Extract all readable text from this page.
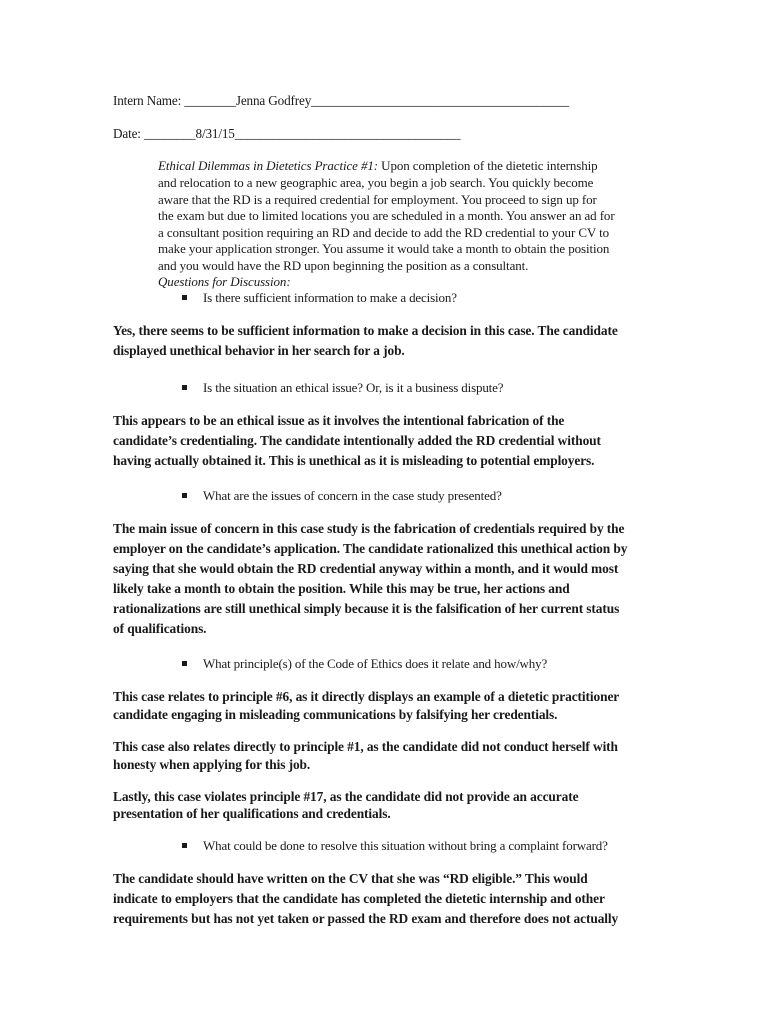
Intern Name: ________Jenna Godfrey________________________________________
Date: ________8/31/15___________________________________
Ethical Dilemmas in Dietetics Practice #1: Upon completion of the dietetic internship
and relocation to a new geographic area, you begin a job search. You quickly become
aware that the RD is a required credential for employment. You proceed to sign up for
the exam but due to limited locations you are scheduled in a month. You answer an ad for
a consultant position requiring an RD and decide to add the RD credential to your CV to
make your application stronger. You assume it would take a month to obtain the position
and you would have the RD upon beginning the position as a consultant.
Questions for Discussion:
Is there sufficient information to make a decision?
Yes, there seems to be sufficient information to make a decision in this case. The candidate
displayed unethical behavior in her search for a job.
Is the situation an ethical issue? Or, is it a business dispute?
This appears to be an ethical issue as it involves the intentional fabrication of the
candidate’s credentialing. The candidate intentionally added the RD credential without
having actually obtained it. This is unethical as it is misleading to potential employers.
What are the issues of concern in the case study presented?
The main issue of concern in this case study is the fabrication of credentials required by the
employer on the candidate’s application. The candidate rationalized this unethical action by
saying that she would obtain the RD credential anyway within a month, and it would most
likely take a month to obtain the position. While this may be true, her actions and
rationalizations are still unethical simply because it is the falsification of her current status
of qualifications.
What principle(s) of the Code of Ethics does it relate and how/why?
This case relates to principle #6, as it directly displays an example of a dietetic practitioner
candidate engaging in misleading communications by falsifying her credentials.
This case also relates directly to principle #1, as the candidate did not conduct herself with
honesty when applying for this job.
Lastly, this case violates principle #17, as the candidate did not provide an accurate
presentation of her qualifications and credentials.
What could be done to resolve this situation without bring a complaint forward?
The candidate should have written on the CV that she was “RD eligible.” This would
indicate to employers that the candidate has completed the dietetic internship and other
requirements but has not yet taken or passed the RD exam and therefore does not actually
